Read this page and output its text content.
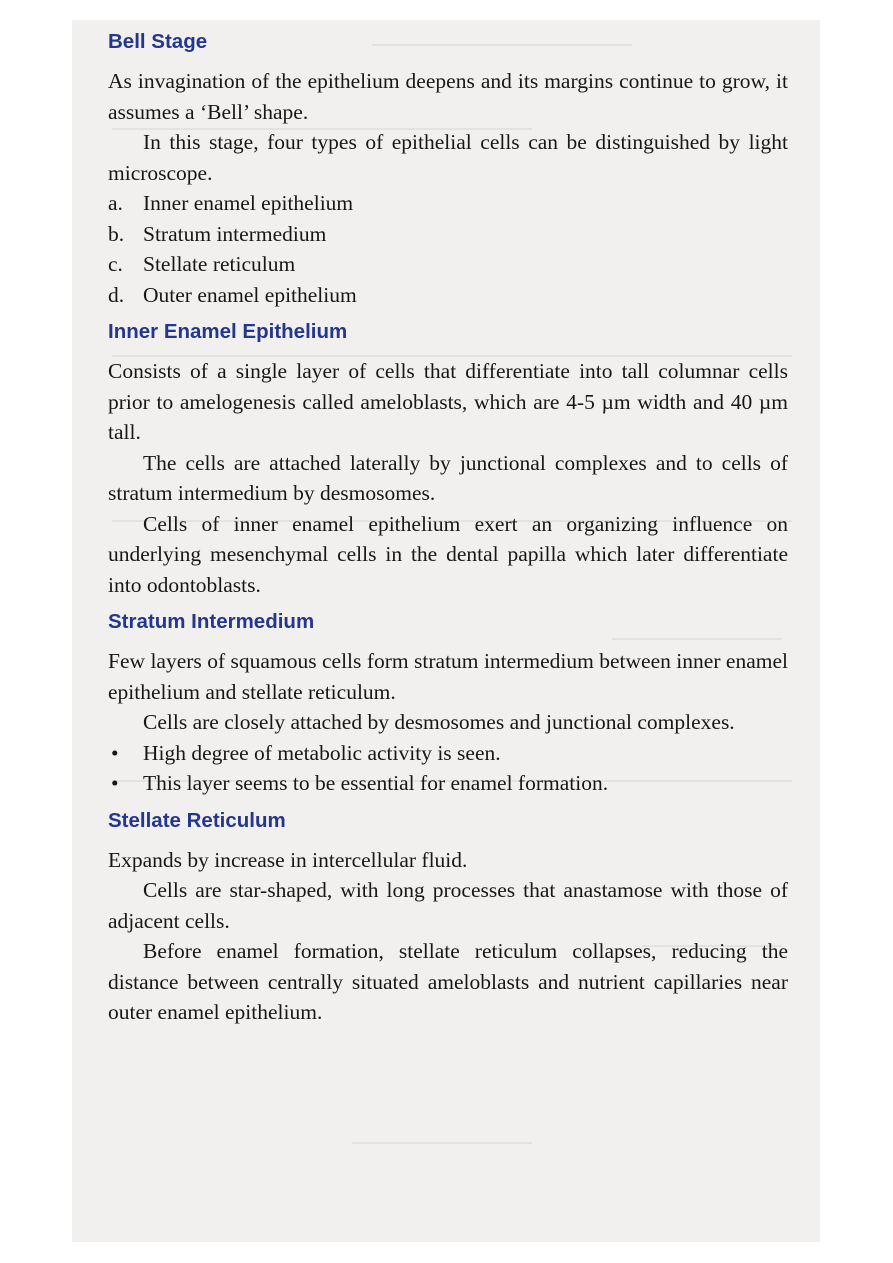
Bell Stage

As invagination of the epithelium deepens and its margins continue to grow, it assumes a ‘Bell’ shape.

In this stage, four types of epithelial cells can be distinguished by light microscope.

a. Inner enamel epithelium
b. Stratum intermedium
c. Stellate reticulum
d. Outer enamel epithelium
Inner Enamel Epithelium

Consists of a single layer of cells that differentiate into tall columnar cells prior to amelogenesis called ameloblasts, which are 4-5 µm width and 40 µm tall.

The cells are attached laterally by junctional complexes and to cells of stratum intermedium by desmosomes.

Cells of inner enamel epithelium exert an organizing influence on underlying mesenchymal cells in the dental papilla which later differentiate into odontoblasts.

Stratum Intermedium

Few layers of squamous cells form stratum intermedium between inner enamel epithelium and stellate reticulum.

Cells are closely attached by desmosomes and junctional complexes.

• High degree of metabolic activity is seen.
• This layer seems to be essential for enamel formation.
Stellate Reticulum

Expands by increase in intercellular fluid.

Cells are star-shaped, with long processes that anastamose with those of adjacent cells.

Before enamel formation, stellate reticulum collapses, reducing the distance between centrally situated ameloblasts and nutrient capillaries near outer enamel epithelium.
